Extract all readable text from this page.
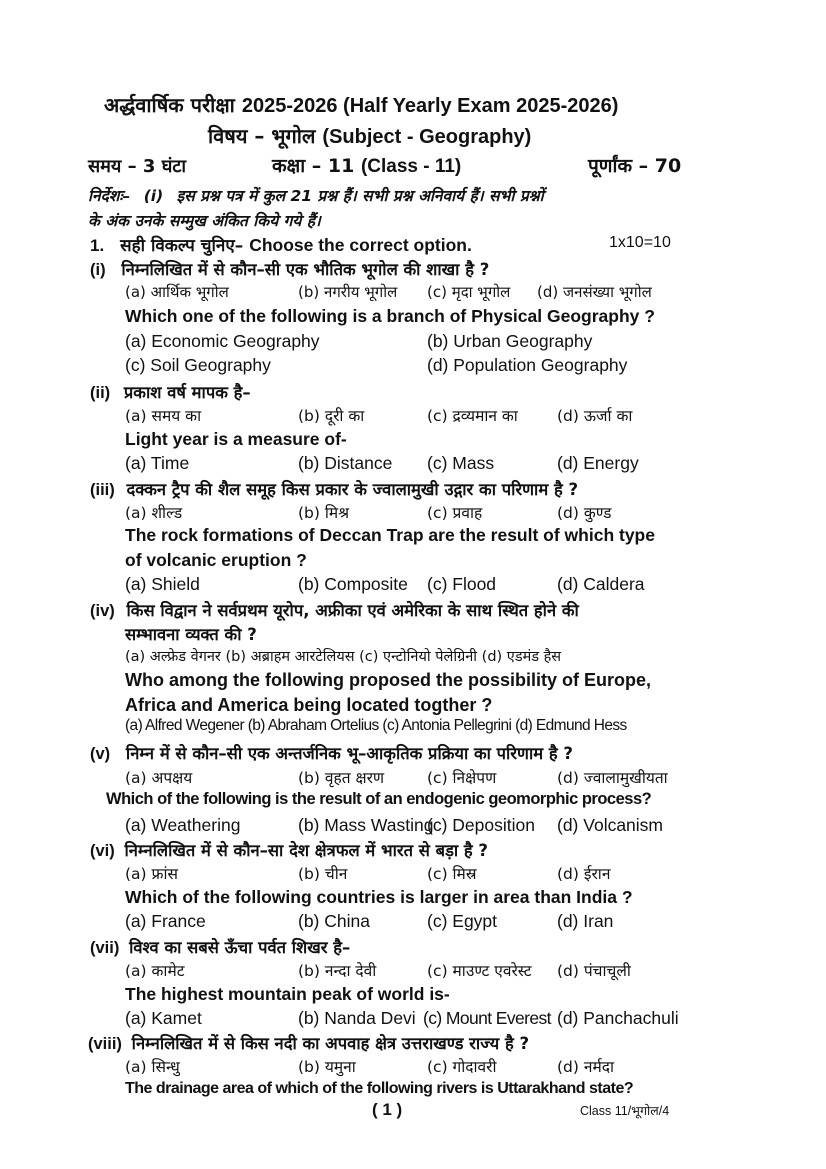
अर्द्धवार्षिक परीक्षा 2025-2026 (Half Yearly Exam 2025-2026)
विषय – भूगोल (Subject - Geography)
समय – 3 घंटा	कक्षा – 11 (Class - 11)	पूर्णांक – 70
निर्देशः– (i) इस प्रश्न पत्र में कुल 21 प्रश्न हैं। सभी प्रश्न अनिवार्य हैं। सभी प्रश्नों
के अंक उनके सम्मुख अंकित किये गये हैं।
1. सही विकल्प चुनिए– Choose the correct option.	1x10=10
(i) निम्नलिखित में से कौन–सी एक भौतिक भूगोल की शाखा है ?
(a) आर्थिक भूगोल	(b) नगरीय भूगोल (c) मृदा भूगोल (d) जनसंख्या भूगोल
Which one of the following is a branch of Physical Geography ?
(a) Economic Geography	(b) Urban Geography
(c) Soil Geography	(d) Population Geography
(ii) प्रकाश वर्ष मापक है–
(a) समय का	(b) दूरी का	(c) द्रव्यमान का	(d) ऊर्जा का
Light year is a measure of-
(a) Time	(b) Distance (c) Mass	(d) Energy
(iii) दक्कन ट्रैप की शैल समूह किस प्रकार के ज्वालामुखी उद्गार का परिणाम है ?
(a) शील्ड	(b) मिश्र	(c) प्रवाह	(d) कुण्ड
The rock formations of Deccan Trap are the result of which type
of volcanic eruption ?
(a) Shield	(b) Composite (c) Flood	(d) Caldera
(iv) किस विद्वान ने सर्वप्रथम यूरोप, अफ्रीका एवं अमेरिका के साथ स्थित होने की
सम्भावना व्यक्त की ?
(a) अल्फ्रेड वेगनर (b) अब्राहम आरटेलियस (c) एन्टोनियो पेलेग्रिनी (d) एडमंड हैस
Who among the following proposed the possibility of Europe,
Africa and America being located togther ?
(a) Alfred Wegener (b) Abraham Ortelius (c) Antonia Pellegrini (d) Edmund Hess
(v) निम्न में से कौन–सी एक अन्तर्जनिक भू–आकृतिक प्रक्रिया का परिणाम है ?
(a) अपक्षय	(b) वृहत क्षरण	(c) निक्षेपण	(d) ज्वालामुखीयता
Which of the following is the result of an endogenic geomorphic process?
(a) Weathering	(b) Mass Wasting
(c) Deposition (d) Volcanism
(vi) निम्नलिखित में से कौन–सा देश क्षेत्रफल में भारत से बड़ा है ?
(a) फ्रांस	(b) चीन	(c) मिस्र	(d) ईरान
Which of the following countries is larger in area than India ?
(a) France	(b) China	(c) Egypt	(d) Iran
(vii) विश्व का सबसे ऊँचा पर्वत शिखर है–
(a) कामेट	(b) नन्दा देवी	(c) माउण्ट एवरेस्ट (d) पंचाचूली
The highest mountain peak of world is-
(a) Kamet	(b) Nanda Devi (c) Mount Everest (d) Panchachuli
(viii) निम्नलिखित में से किस नदी का अपवाह क्षेत्र उत्तराखण्ड राज्य है ?
(a) सिन्धु	(b) यमुना	(c) गोदावरी	(d) नर्मदा
The drainage area of which of the following rivers is Uttarakhand state?
( 1 )	Class 11/भूगोल/4
